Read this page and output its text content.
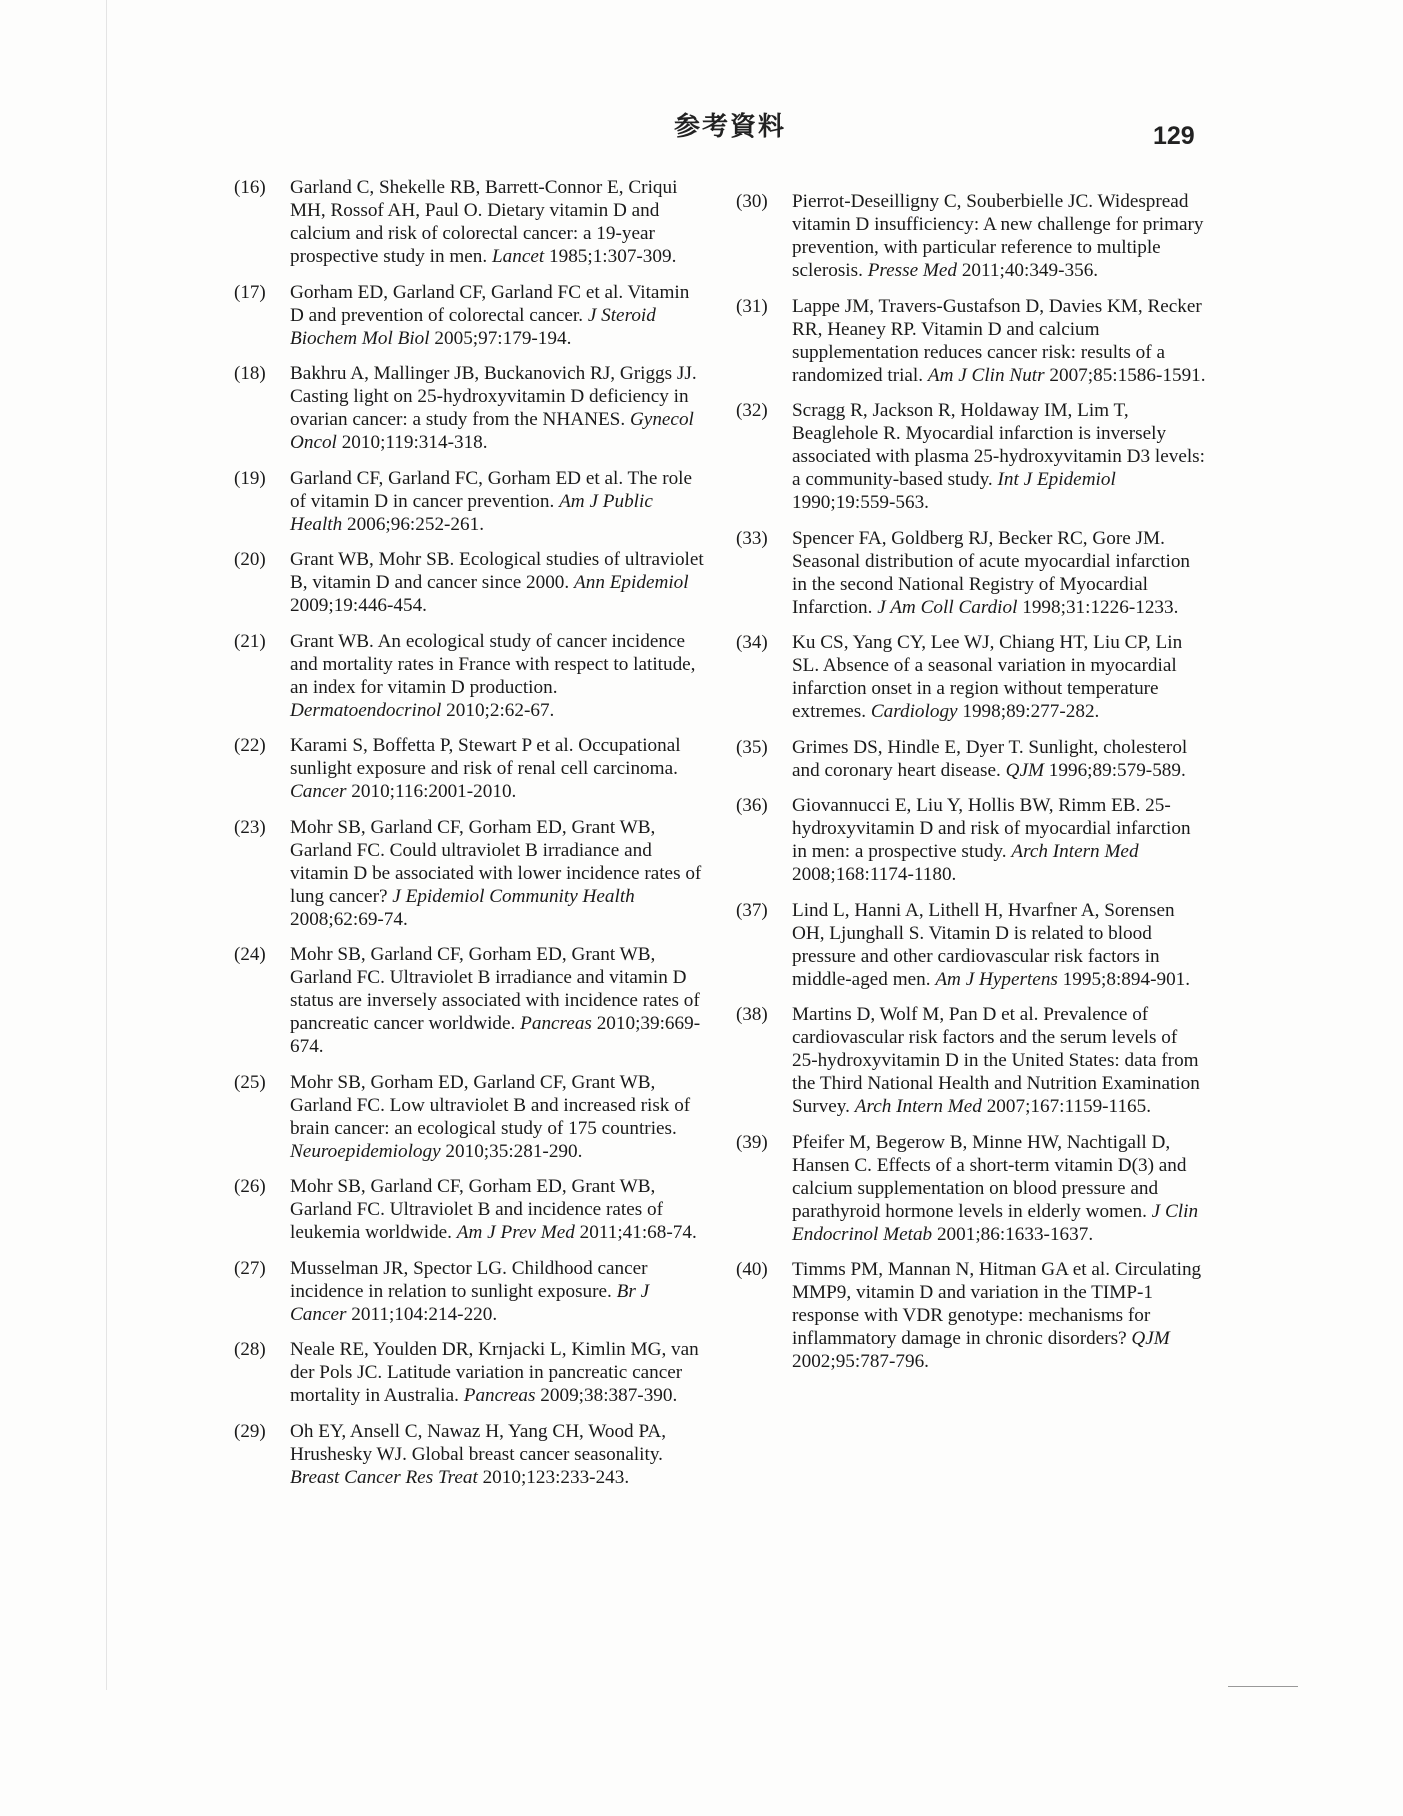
参考資料	129
(16)	Garland C, Shekelle RB, Barrett-Connor E, Criqui MH, Rossof AH, Paul O. Dietary vitamin D and calcium and risk of colorectal cancer: a 19-year prospective study in men. Lancet 1985;1:307-309.
(17)	Gorham ED, Garland CF, Garland FC et al. Vitamin D and prevention of colorectal cancer. J Steroid Biochem Mol Biol 2005;97:179-194.
(18)	Bakhru A, Mallinger JB, Buckanovich RJ, Griggs JJ. Casting light on 25-hydroxyvitamin D deficiency in ovarian cancer: a study from the NHANES. Gynecol Oncol 2010;119:314-318.
(19)	Garland CF, Garland FC, Gorham ED et al. The role of vitamin D in cancer prevention. Am J Public Health 2006;96:252-261.
(20)	Grant WB, Mohr SB. Ecological studies of ultraviolet B, vitamin D and cancer since 2000. Ann Epidemiol 2009;19:446-454.
(21)	Grant WB. An ecological study of cancer incidence and mortality rates in France with respect to latitude, an index for vitamin D production. Dermatoendocrinol 2010;2:62-67.
(22)	Karami S, Boffetta P, Stewart P et al. Occupational sunlight exposure and risk of renal cell carcinoma. Cancer 2010;116:2001-2010.
(23)	Mohr SB, Garland CF, Gorham ED, Grant WB, Garland FC. Could ultraviolet B irradiance and vitamin D be associated with lower incidence rates of lung cancer? J Epidemiol Community Health 2008;62:69-74.
(24)	Mohr SB, Garland CF, Gorham ED, Grant WB, Garland FC. Ultraviolet B irradiance and vitamin D status are inversely associated with incidence rates of pancreatic cancer worldwide. Pancreas 2010;39:669-674.
(25)	Mohr SB, Gorham ED, Garland CF, Grant WB, Garland FC. Low ultraviolet B and increased risk of brain cancer: an ecological study of 175 countries. Neuroepidemiology 2010;35:281-290.
(26)	Mohr SB, Garland CF, Gorham ED, Grant WB, Garland FC. Ultraviolet B and incidence rates of leukemia worldwide. Am J Prev Med 2011;41:68-74.
(27)	Musselman JR, Spector LG. Childhood cancer incidence in relation to sunlight exposure. Br J Cancer 2011;104:214-220.
(28)	Neale RE, Youlden DR, Krnjacki L, Kimlin MG, van der Pols JC. Latitude variation in pancreatic cancer mortality in Australia. Pancreas 2009;38:387-390.
(29)	Oh EY, Ansell C, Nawaz H, Yang CH, Wood PA, Hrushesky WJ. Global breast cancer seasonality. Breast Cancer Res Treat 2010;123:233-243.
(30)	Pierrot-Deseilligny C, Souberbielle JC. Widespread vitamin D insufficiency: A new challenge for primary prevention, with particular reference to multiple sclerosis. Presse Med 2011;40:349-356.
(31)	Lappe JM, Travers-Gustafson D, Davies KM, Recker RR, Heaney RP. Vitamin D and calcium supplementation reduces cancer risk: results of a randomized trial. Am J Clin Nutr 2007;85:1586-1591.
(32)	Scragg R, Jackson R, Holdaway IM, Lim T, Beaglehole R. Myocardial infarction is inversely associated with plasma 25-hydroxyvitamin D3 levels: a community-based study. Int J Epidemiol 1990;19:559-563.
(33)	Spencer FA, Goldberg RJ, Becker RC, Gore JM. Seasonal distribution of acute myocardial infarction in the second National Registry of Myocardial Infarction. J Am Coll Cardiol 1998;31:1226-1233.
(34)	Ku CS, Yang CY, Lee WJ, Chiang HT, Liu CP, Lin SL. Absence of a seasonal variation in myocardial infarction onset in a region without temperature extremes. Cardiology 1998;89:277-282.
(35)	Grimes DS, Hindle E, Dyer T. Sunlight, cholesterol and coronary heart disease. QJM 1996;89:579-589.
(36)	Giovannucci E, Liu Y, Hollis BW, Rimm EB. 25-hydroxyvitamin D and risk of myocardial infarction in men: a prospective study. Arch Intern Med 2008;168:1174-1180.
(37)	Lind L, Hanni A, Lithell H, Hvarfner A, Sorensen OH, Ljunghall S. Vitamin D is related to blood pressure and other cardiovascular risk factors in middle-aged men. Am J Hypertens 1995;8:894-901.
(38)	Martins D, Wolf M, Pan D et al. Prevalence of cardiovascular risk factors and the serum levels of 25-hydroxyvitamin D in the United States: data from the Third National Health and Nutrition Examination Survey. Arch Intern Med 2007;167:1159-1165.
(39)	Pfeifer M, Begerow B, Minne HW, Nachtigall D, Hansen C. Effects of a short-term vitamin D(3) and calcium supplementation on blood pressure and parathyroid hormone levels in elderly women. J Clin Endocrinol Metab 2001;86:1633-1637.
(40)	Timms PM, Mannan N, Hitman GA et al. Circulating MMP9, vitamin D and variation in the TIMP-1 response with VDR genotype: mechanisms for inflammatory damage in chronic disorders? QJM 2002;95:787-796.
